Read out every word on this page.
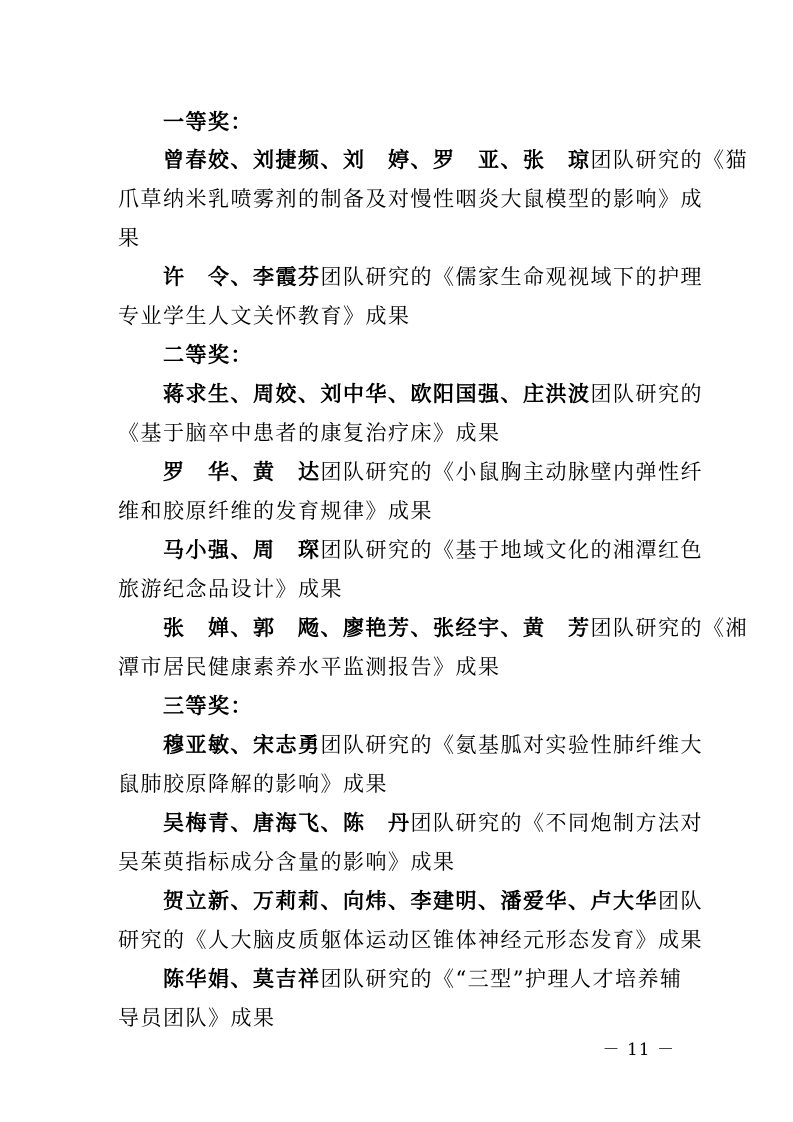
一等奖：
曾春姣、刘捷频、刘　婷、罗　亚、张　琼团队研究的《猫
爪草纳米乳喷雾剂的制备及对慢性咽炎大鼠模型的影响》成
果
许　令、李霞芬团队研究的《儒家生命观视域下的护理
专业学生人文关怀教育》成果
二等奖：
蒋求生、周姣、刘中华、欧阳国强、庄洪波团队研究的
《基于脑卒中患者的康复治疗床》成果
罗　华、黄　达团队研究的《小鼠胸主动脉壁内弹性纤
维和胶原纤维的发育规律》成果
马小强、周　琛团队研究的《基于地域文化的湘潭红色
旅游纪念品设计》成果
张　婵、郭　飏、廖艳芳、张经宇、黄　芳团队研究的《湘
潭市居民健康素养水平监测报告》成果
三等奖：
穆亚敏、宋志勇团队研究的《氨基胍对实验性肺纤维大
鼠肺胶原降解的影响》成果
吴梅青、唐海飞、陈　丹团队研究的《不同炮制方法对
吴茱萸指标成分含量的影响》成果
贺立新、万莉莉、向炜、李建明、潘爱华、卢大华团队
研究的《人大脑皮质躯体运动区锥体神经元形态发育》成果
陈华娟、莫吉祥团队研究的《“三型”护理人才培养辅
导员团队》成果
－ 11 －
